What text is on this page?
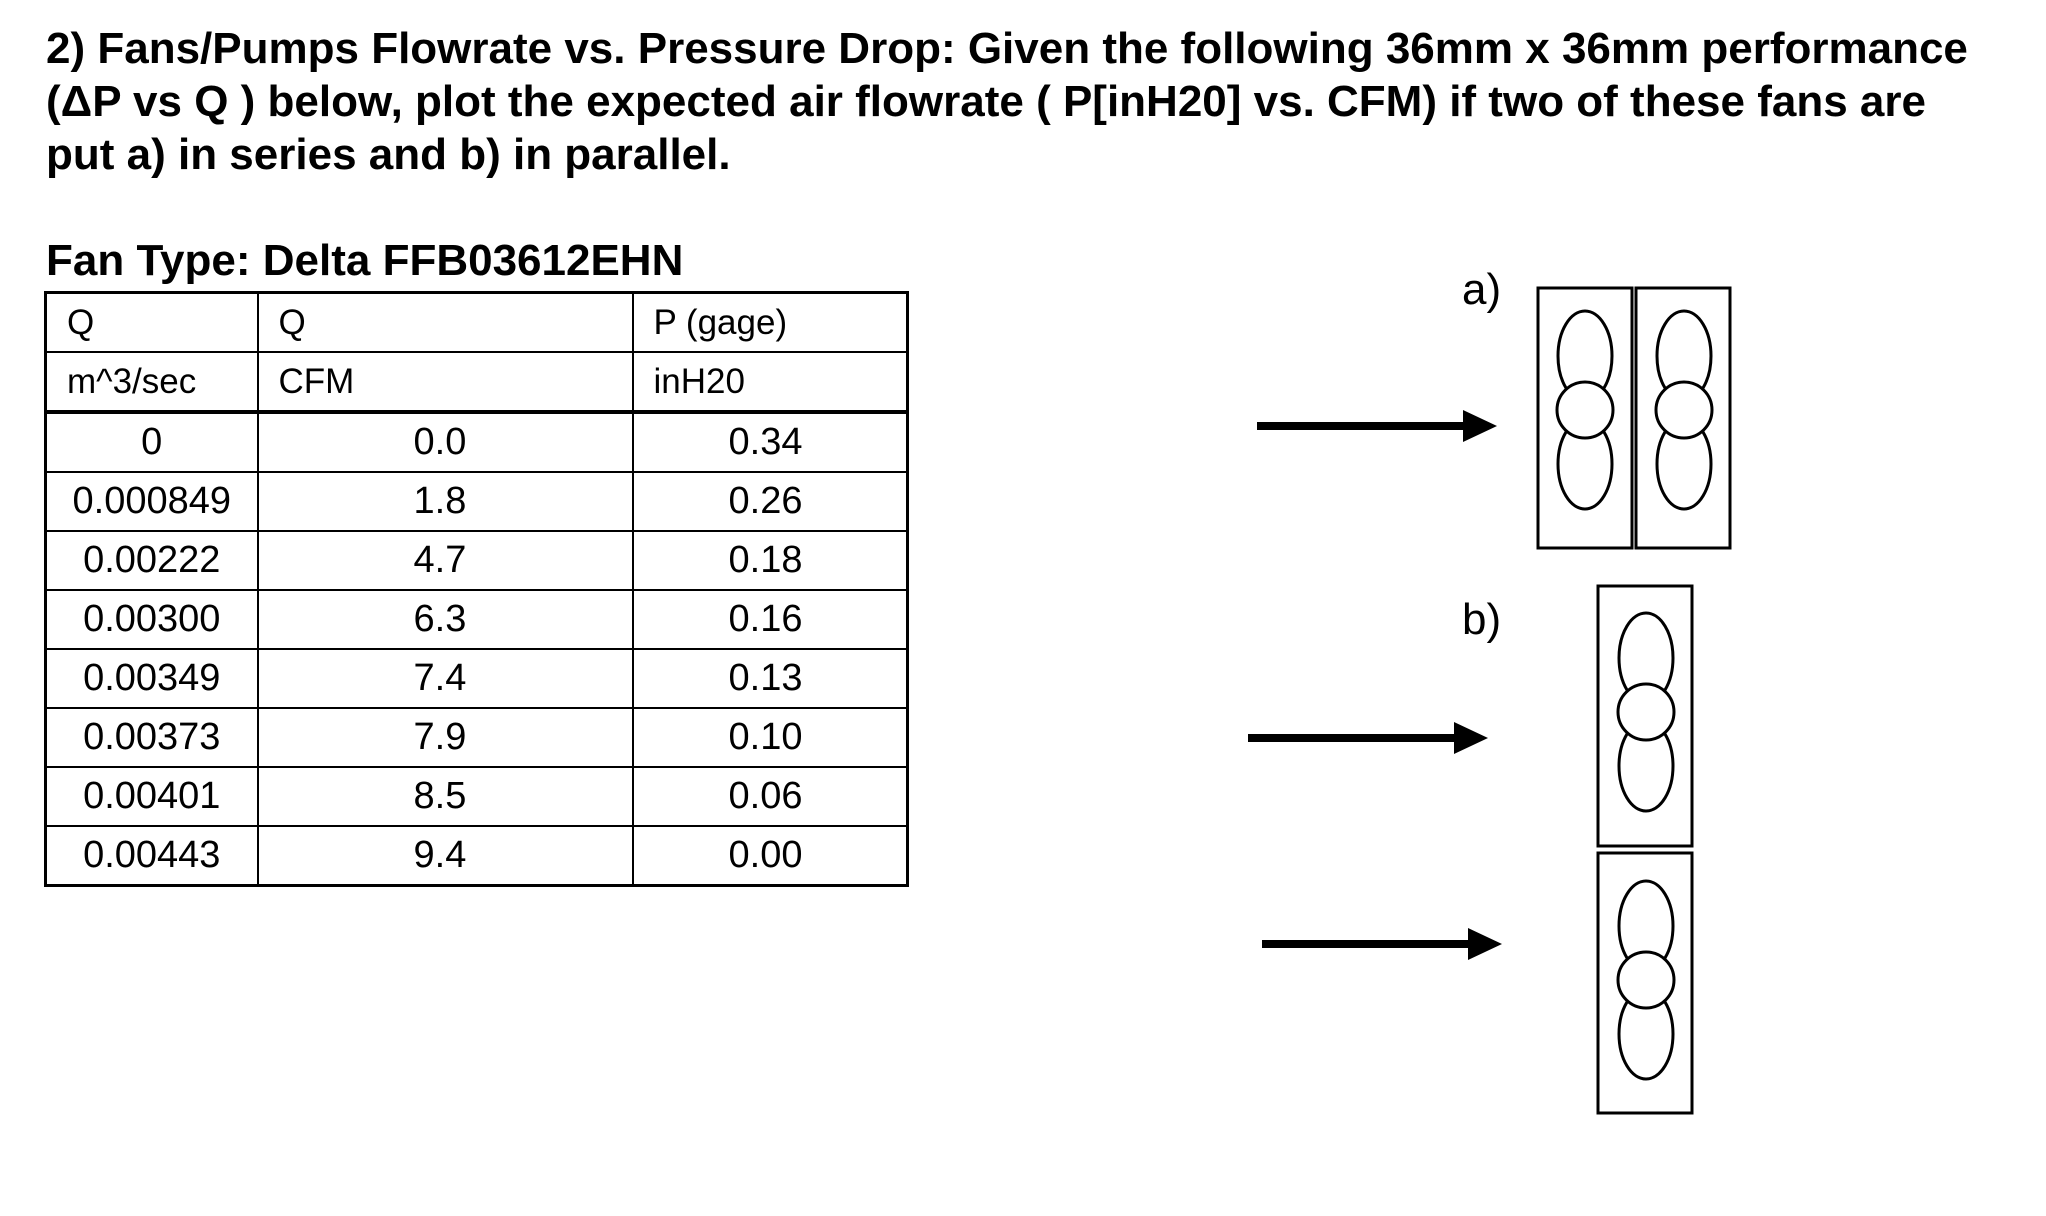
2) Fans/Pumps Flowrate vs. Pressure Drop: Given the following 36mm x 36mm performance
(ΔP vs Q ) below, plot the expected air flowrate ( P[inH20] vs. CFM) if two of these fans are
put a) in series and b) in parallel.
Fan Type: Delta FFB03612EHN
Q	Q	P (gage)
m^3/sec	CFM	inH20
0	0.0	0.34
0.000849	1.8	0.26
0.00222	4.7	0.18
0.00300	6.3	0.16
0.00349	7.4	0.13
0.00373	7.9	0.10
0.00401	8.5	0.06
0.00443	9.4	0.00
a)
b)
